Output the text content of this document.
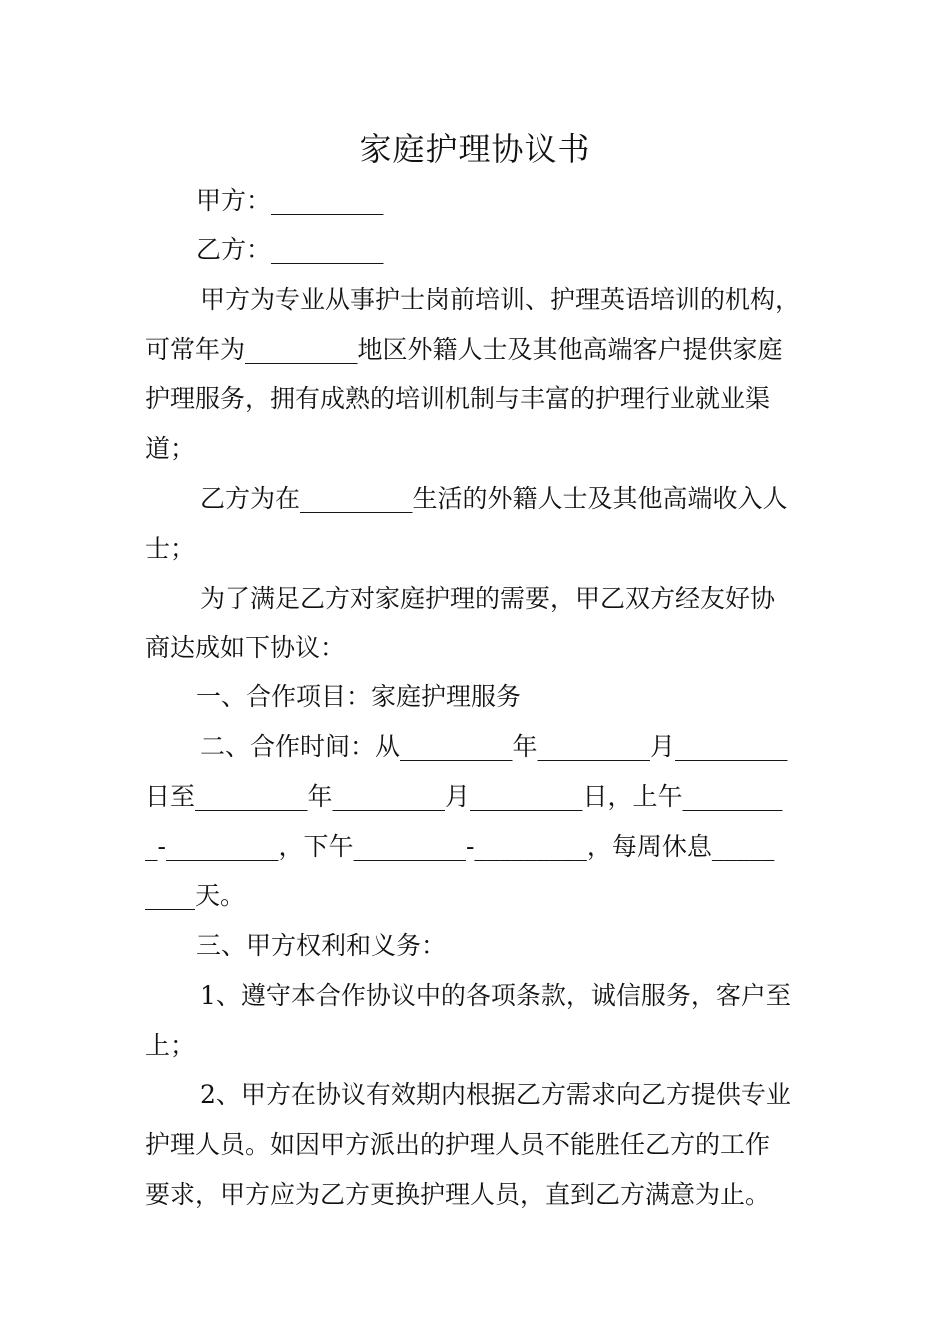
家庭护理协议书
甲方：_________
乙方：_________
甲方为专业从事护士岗前培训、护理英语培训的机构，
可常年为_________地区外籍人士及其他高端客户提供家庭
护理服务，拥有成熟的培训机制与丰富的护理行业就业渠
道；
乙方为在_________生活的外籍人士及其他高端收入人
士；
为了满足乙方对家庭护理的需要，甲乙双方经友好协
商达成如下协议：
一、合作项目：家庭护理服务
二、合作时间：从_________年_________月_________
日至_________年_________月_________日，上午________
_-_________，下午_________-_________，每周休息_____
____天。
三、甲方权利和义务：
1、遵守本合作协议中的各项条款，诚信服务，客户至
上；
2、甲方在协议有效期内根据乙方需求向乙方提供专业
护理人员。如因甲方派出的护理人员不能胜任乙方的工作
要求，甲方应为乙方更换护理人员，直到乙方满意为止。
